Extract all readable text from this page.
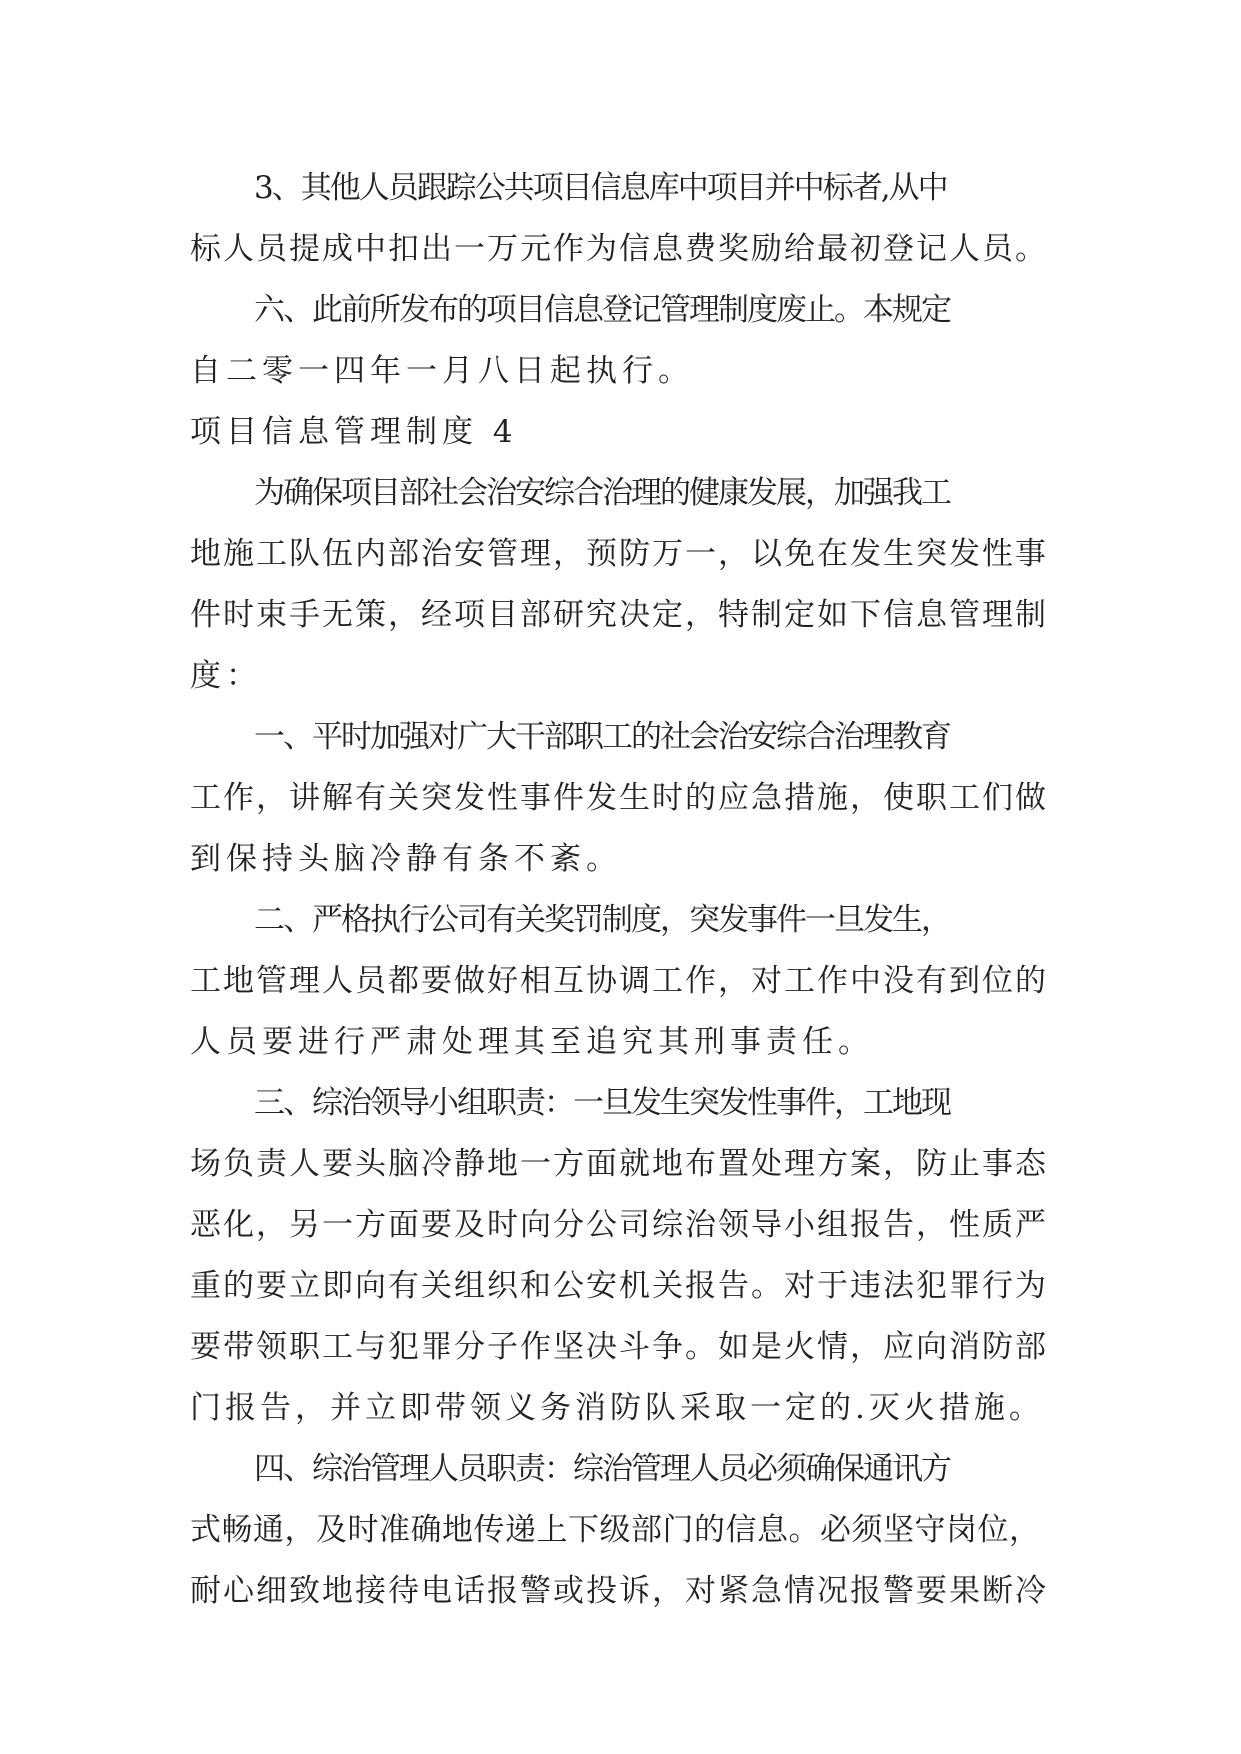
3、其他人员跟踪公共项目信息库中项目并中标者,从中
标人员提成中扣出一万元作为信息费奖励给最初登记人员。
六、此前所发布的项目信息登记管理制度废止。本规定
自二零一四年一月八日起执行。
项目信息管理制度 4
为确保项目部社会治安综合治理的健康发展，加强我工
地施工队伍内部治安管理，预防万一，以免在发生突发性事
件时束手无策，经项目部研究决定，特制定如下信息管理制
度：
一、平时加强对广大干部职工的社会治安综合治理教育
工作，讲解有关突发性事件发生时的应急措施，使职工们做
到保持头脑冷静有条不紊。
二、严格执行公司有关奖罚制度，突发事件一旦发生，
工地管理人员都要做好相互协调工作，对工作中没有到位的
人员要进行严肃处理其至追究其刑事责任。
三、综治领导小组职责：一旦发生突发性事件，工地现
场负责人要头脑冷静地一方面就地布置处理方案，防止事态
恶化，另一方面要及时向分公司综治领导小组报告，性质严
重的要立即向有关组织和公安机关报告。对于违法犯罪行为
要带领职工与犯罪分子作坚决斗争。如是火情，应向消防部
门报告，并立即带领义务消防队采取一定的.灭火措施。
四、综治管理人员职责：综治管理人员必须确保通讯方
式畅通，及时准确地传递上下级部门的信息。必须坚守岗位，
耐心细致地接待电话报警或投诉，对紧急情况报警要果断冷
